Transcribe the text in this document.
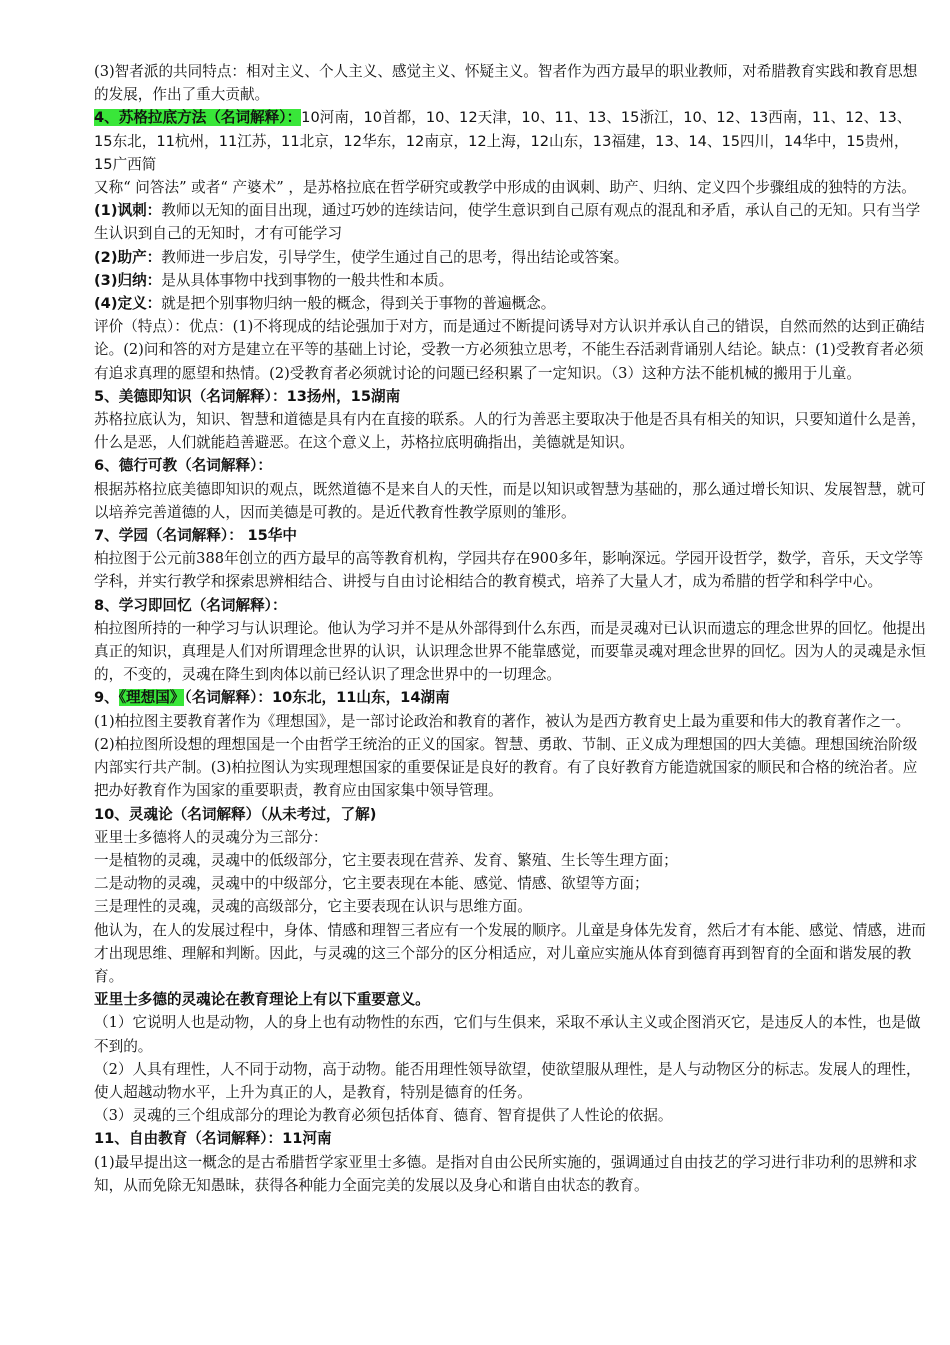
(3)智者派的共同特点：相对主义、个人主义、感觉主义、怀疑主义。智者作为西方最早的职业教师，对希腊教育实践和教育思想的发展，作出了重大贡献。

4、苏格拉底方法（名词解释）：10河南，10首都，10、12天津，10、11、13、15浙江，10、12、13西南，11、12、13、15东北，11杭州，11江苏，11北京，12华东，12南京，12上海，12山东，13福建，13、14、15四川，14华中，15贵州，15广西简

又称“ 问答法” 或者“ 产婆术” ，是苏格拉底在哲学研究或教学中形成的由讽刺、助产、归纳、定义四个步骤组成的独特的方法。

(1)讽刺：教师以无知的面目出现，通过巧妙的连续诘问，使学生意识到自己原有观点的混乱和矛盾，承认自己的无知。只有当学生认识到自己的无知时，才有可能学习

(2)助产：教师进一步启发，引导学生，使学生通过自己的思考，得出结论或答案。

(3)归纳：是从具体事物中找到事物的一般共性和本质。

(4)定义：就是把个别事物归纳一般的概念，得到关于事物的普遍概念。

评价（特点）：优点：(1)不将现成的结论强加于对方，而是通过不断提问诱导对方认识并承认自己的错误，自然而然的达到正确结论。(2)问和答的对方是建立在平等的基础上讨论，受教一方必须独立思考，不能生吞活剥背诵别人结论。缺点：(1)受教育者必须有追求真理的愿望和热情。(2)受教育者必须就讨论的问题已经积累了一定知识。（3）这种方法不能机械的搬用于儿童。

5、美德即知识（名词解释）：13扬州，15湖南

苏格拉底认为，知识、智慧和道德是具有内在直接的联系。人的行为善恶主要取决于他是否具有相关的知识，只要知道什么是善，什么是恶，人们就能趋善避恶。在这个意义上，苏格拉底明确指出，美德就是知识。

6、德行可教（名词解释）：

根据苏格拉底美德即知识的观点，既然道德不是来自人的天性，而是以知识或智慧为基础的，那么通过增长知识、发展智慧，就可以培养完善道德的人，因而美德是可教的。是近代教育性教学原则的雏形。

7、学园（名词解释）： 15华中

柏拉图于公元前388年创立的西方最早的高等教育机构，学园共存在900多年，影响深远。学园开设哲学，数学，音乐，天文学等学科，并实行教学和探索思辨相结合、讲授与自由讨论相结合的教育模式，培养了大量人才，成为希腊的哲学和科学中心。

8、学习即回忆（名词解释）：

柏拉图所持的一种学习与认识理论。他认为学习并不是从外部得到什么东西，而是灵魂对已认识而遗忘的理念世界的回忆。他提出真正的知识，真理是人们对所谓理念世界的认识，认识理念世界不能靠感觉，而要靠灵魂对理念世界的回忆。因为人的灵魂是永恒的，不变的，灵魂在降生到肉体以前已经认识了理念世界中的一切理念。

9、《理想国》（名词解释）：10东北，11山东，14湖南

(1)柏拉图主要教育著作为《理想国》，是一部讨论政治和教育的著作，被认为是西方教育史上最为重要和伟大的教育著作之一。(2)柏拉图所设想的理想国是一个由哲学王统治的正义的国家。智慧、勇敢、节制、正义成为理想国的四大美德。理想国统治阶级内部实行共产制。(3)柏拉图认为实现理想国家的重要保证是良好的教育。有了良好教育方能造就国家的顺民和合格的统治者。应把办好教育作为国家的重要职责，教育应由国家集中领导管理。

10、灵魂论（名词解释）（从未考过，了解)

亚里士多德将人的灵魂分为三部分：

一是植物的灵魂，灵魂中的低级部分，它主要表现在营养、发育、繁殖、生长等生理方面；

二是动物的灵魂，灵魂中的中级部分，它主要表现在本能、感觉、情感、欲望等方面；

三是理性的灵魂，灵魂的高级部分，它主要表现在认识与思维方面。

他认为，在人的发展过程中，身体、情感和理智三者应有一个发展的顺序。儿童是身体先发育，然后才有本能、感觉、情感，进而才出现思维、理解和判断。因此，与灵魂的这三个部分的区分相适应，对儿童应实施从体育到德育再到智育的全面和谐发展的教育。

亚里士多德的灵魂论在教育理论上有以下重要意义。

（1）它说明人也是动物，人的身上也有动物性的东西，它们与生俱来，采取不承认主义或企图消灭它，是违反人的本性，也是做不到的。

（2）人具有理性，人不同于动物，高于动物。能否用理性领导欲望，使欲望服从理性，是人与动物区分的标志。发展人的理性，使人超越动物水平，上升为真正的人，是教育，特别是德育的任务。

（3）灵魂的三个组成部分的理论为教育必须包括体育、德育、智育提供了人性论的依据。

11、自由教育（名词解释）：11河南

(1)最早提出这一概念的是古希腊哲学家亚里士多德。是指对自由公民所实施的，强调通过自由技艺的学习进行非功利的思辨和求知，从而免除无知愚昧，获得各种能力全面完美的发展以及身心和谐自由状态的教育。
